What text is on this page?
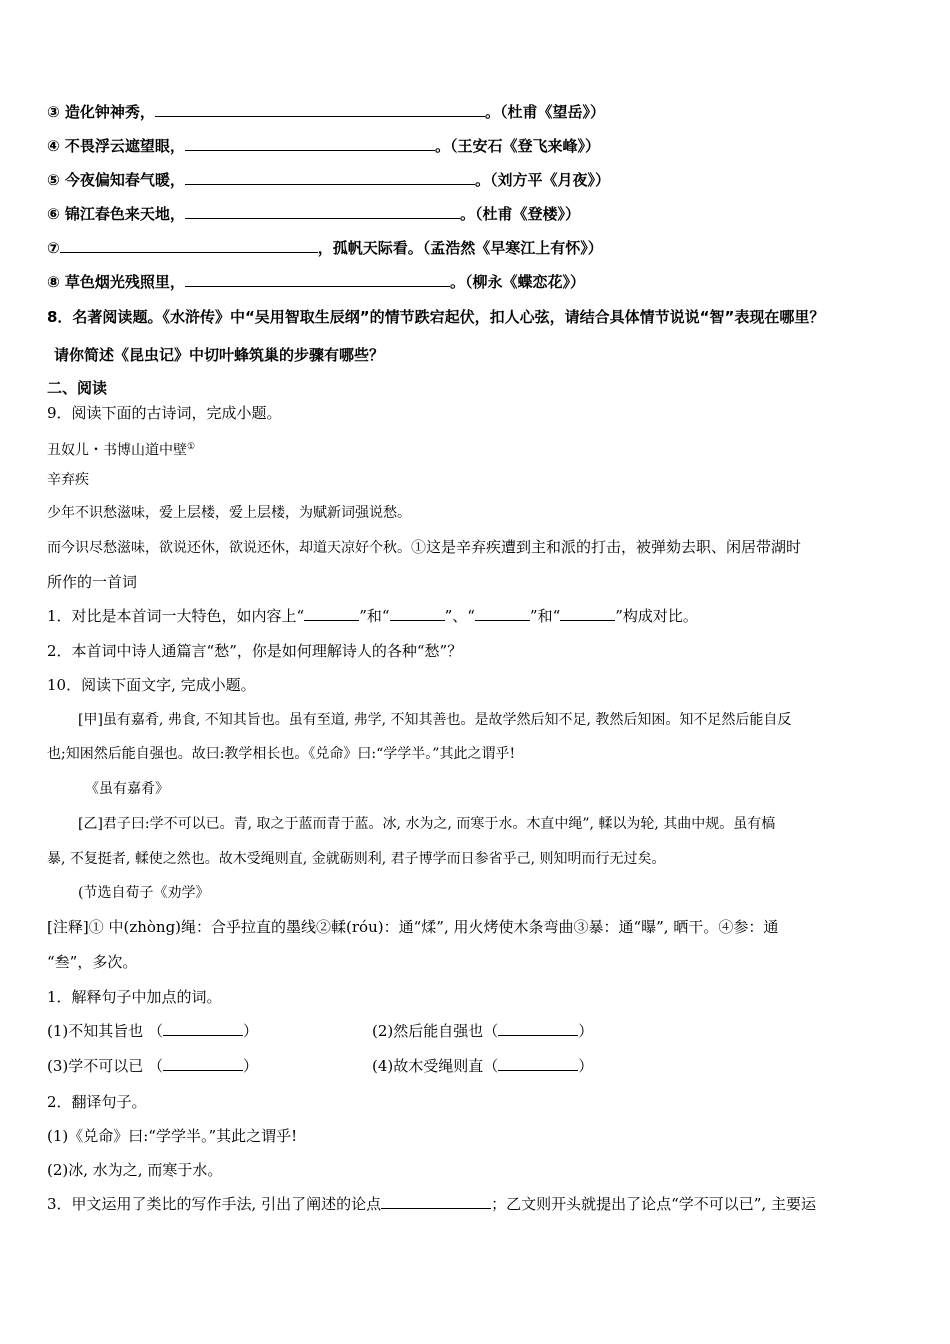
③ 造化钟神秀，	。（杜甫《望岳》）
④ 不畏浮云遮望眼，	。（王安石《登飞来峰》）
⑤ 今夜偏知春气暖，	。（刘方平《月夜》）
⑥ 锦江春色来天地，	。（杜甫《登楼》）
⑦	，孤帆天际看。（孟浩然《早寒江上有怀》）
⑧ 草色烟光残照里，	。（柳永《蝶恋花》）
8．名著阅读题。《水浒传》中“吴用智取生辰纲”的情节跌宕起伏，扣人心弦，请结合具体情节说说“智”表现在哪里？
请你简述《昆虫记》中切叶蜂筑巢的步骤有哪些？
二、阅读
9．阅读下面的古诗词，完成小题。
丑奴儿・书博山道中壁①
辛弃疾
少年不识愁滋味，爱上层楼，爱上层楼，为赋新词强说愁。
而今识尽愁滋味，欲说还休，欲说还休，却道天凉好个秋。①这是辛弃疾遭到主和派的打击，被弹劾去职、闲居带湖时
所作的一首词
1．对比是本首词一大特色，如内容上“	”和“	”、“	”和“	”构成对比。
2．本首词中诗人通篇言“愁”，你是如何理解诗人的各种“愁”？
10．阅读下面文字, 完成小题。
[甲]虽有嘉肴, 弗食, 不知其旨也。虽有至道, 弗学, 不知其善也。是故学然后知不足, 教然后知困。知不足然后能自反
也;知困然后能自强也。故曰:教学相长也。《兑命》曰:“学学半。”其此之谓乎!
《虽有嘉肴》
[乙]君子曰:学不可以已。青, 取之于蓝而青于蓝。冰, 水为之, 而寒于水。木直中绳”, 輮以为轮, 其曲中规。虽有槁
暴, 不复挺者, 輮使之然也。故木受绳则直, 金就砺则利, 君子博学而日参省乎己, 则知明而行无过矣。
(节选自荀子《劝学》
[注释]① 中(zhòng)绳：合乎拉直的墨线②輮(róu)：通“煣”, 用火烤使木条弯曲③暴：通“曝”, 晒干。④参：通
“叁”，多次。
1．解释句子中加点的词。
(1)不知其旨也 （	）	(2)然后能自强也（	）
(3)学不可以已 （	）	(4)故木受绳则直（	）
2．翻译句子。
(1)《兑命》曰:“学学半。”其此之谓乎!
(2)冰, 水为之, 而寒于水。
3．甲文运用了类比的写作手法, 引出了阐述的论点	；乙文则开头就提出了论点“学不可以已”, 主要运
